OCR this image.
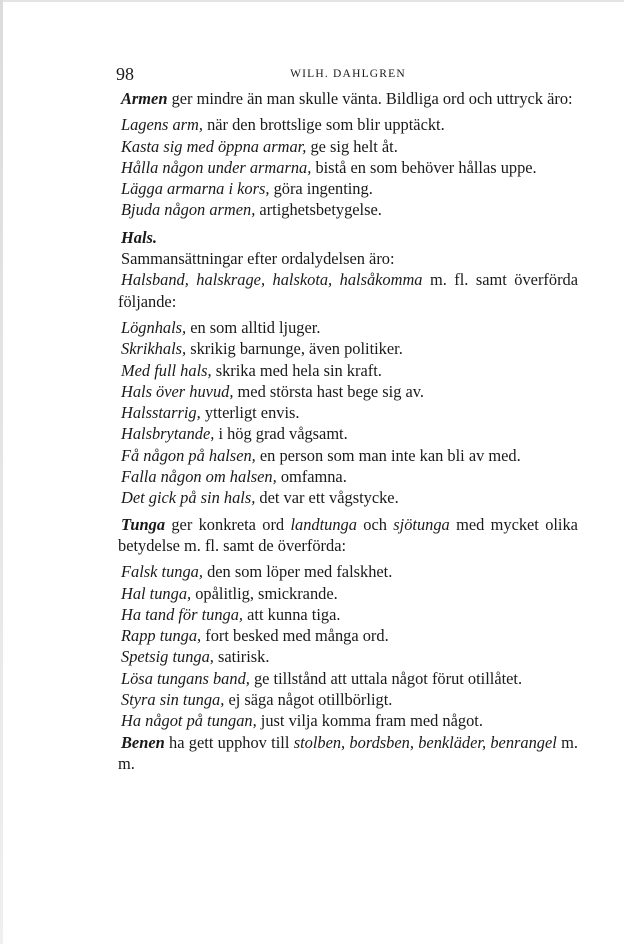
98	WILH. DAHLGREN

Armen ger mindre än man skulle vänta. Bildliga ord och uttryck äro:

Lagens arm, när den brottslige som blir upptäckt.

Kasta sig med öppna armar, ge sig helt åt.

Hålla någon under armarna, bistå en som behöver hållas uppe.

Lägga armarna i kors, göra ingenting.

Bjuda någon armen, artighetsbetygelse.

Hals.

Sammansättningar efter ordalydelsen äro:

Halsband, halskrage, halskota, halsåkomma m. fl. samt överförda följande:

Lögnhals, en som alltid ljuger.

Skrikhals, skrikig barnunge, även politiker.

Med full hals, skrika med hela sin kraft.

Hals över huvud, med största hast bege sig av.

Halsstarrig, ytterligt envis.

Halsbrytande, i hög grad vågsamt.

Få någon på halsen, en person som man inte kan bli av med.

Falla någon om halsen, omfamna.

Det gick på sin hals, det var ett vågstycke.

Tunga ger konkreta ord landtunga och sjötunga med mycket olika betydelse m. fl. samt de överförda:

Falsk tunga, den som löper med falskhet.

Hal tunga, opålitlig, smickrande.

Ha tand för tunga, att kunna tiga.

Rapp tunga, fort besked med många ord.

Spetsig tunga, satirisk.

Lösa tungans band, ge tillstånd att uttala något förut otillåtet.

Styra sin tunga, ej säga något otillbörligt.

Ha något på tungan, just vilja komma fram med något.

Benen ha gett upphov till stolben, bordsben, benkläder, benrangel m. m.
